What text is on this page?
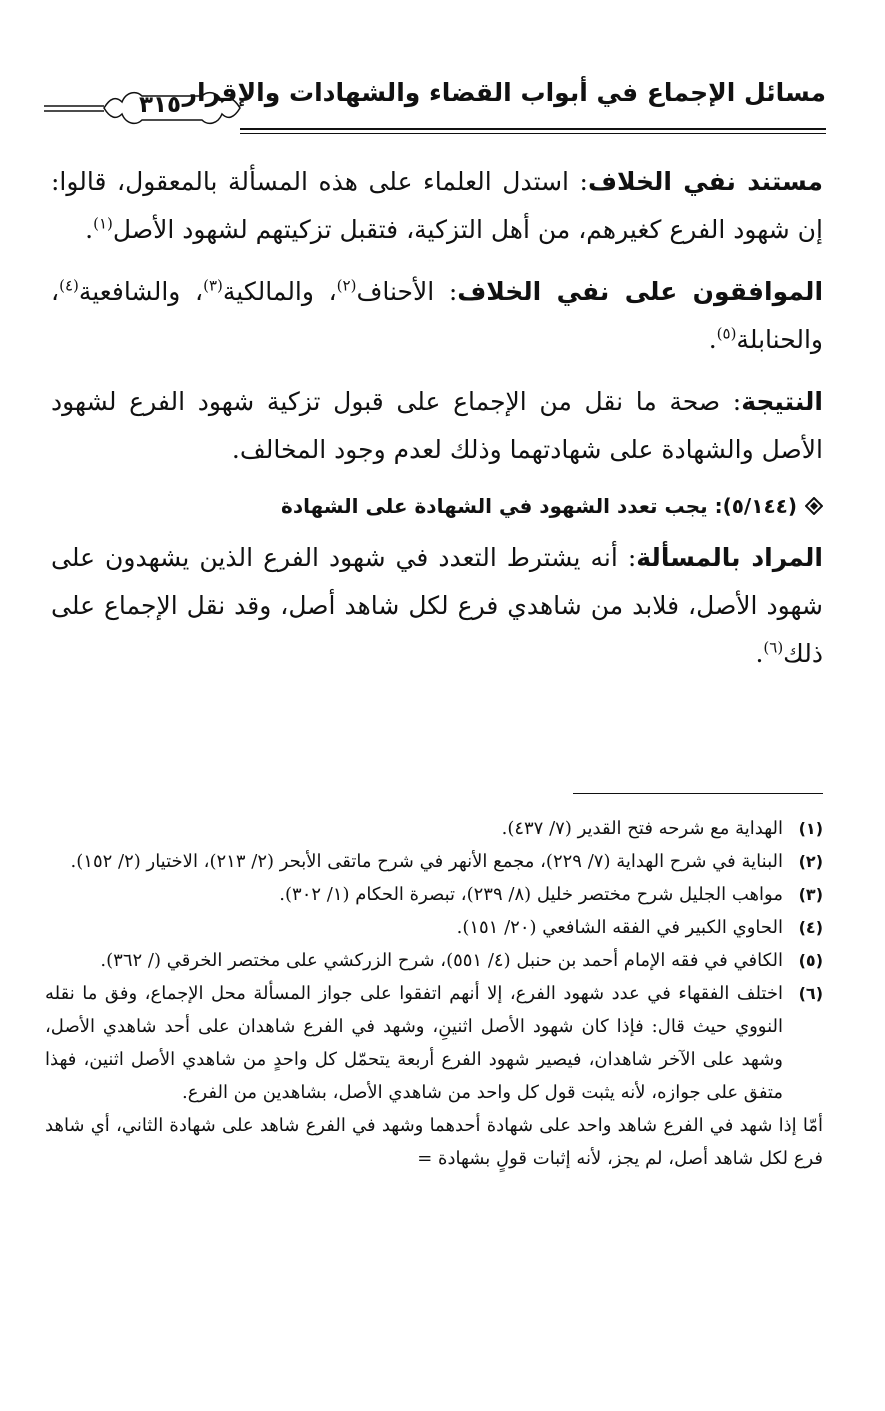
مسائل الإجماع في أبواب القضاء والشهادات والإقرار
٣١٥

مستند نفي الخلاف: استدل العلماء على هذه المسألة بالمعقول، قالوا: إن شهود الفرع كغيرهم، من أهل التزكية، فتقبل تزكيتهم لشهود الأصل$^{(١)}$.

الموافقون على نفي الخلاف: الأحناف$^{(٢)}$، والمالكية$^{(٣)}$، والشافعية$^{(٤)}$، والحنابلة$^{(٥)}$.

النتيجة: صحة ما نقل من الإجماع على قبول تزكية شهود الفرع لشهود الأصل والشهادة على شهادتهما وذلك لعدم وجود المخالف.

(٥/١٤٤): يجب تعدد الشهود في الشهادة على الشهادة

المراد بالمسألة: أنه يشترط التعدد في شهود الفرع الذين يشهدون على شهود الأصل، فلابد من شاهدي فرع لكل شاهد أصل، وقد نقل الإجماع على ذلك$^{(٦)}$.

(١)
الهداية مع شرحه فتح القدير (٧/ ٤٣٧).
(٢)
البناية في شرح الهداية (٧/ ٢٢٩)، مجمع الأنهر في شرح ماتقى الأبحر (٢/ ٢١٣)، الاختيار (٢/ ١٥٢).
(٣)
مواهب الجليل شرح مختصر خليل (٨/ ٢٣٩)، تبصرة الحكام (١/ ٣٠٢).
(٤)
الحاوي الكبير في الفقه الشافعي (٢٠/ ١٥١).
(٥)
الكافي في فقه الإمام أحمد بن حنبل (٤/ ٥٥١)، شرح الزركشي على مختصر الخرقي (/ ٣٦٢).
(٦)
اختلف الفقهاء في عدد شهود الفرع، إلا أنهم اتفقوا على جواز المسألة محل الإجماع، وفق ما نقله النووي حيث قال: فإذا كان شهود الأصل اثنينِ، وشهد في الفرع شاهدان على أحد شاهدي الأصل، وشهد على الآخر شاهدان، فيصير شهود الفرع أربعة يتحمّل كل واحدٍ من شاهدي الأصل اثنين، فهذا متفق على جوازه، لأنه يثبت قول كل واحد من شاهدي الأصل، بشاهدين من الفرع.

أمّا إذا شهد في الفرع شاهد واحد على شهادة أحدهما وشهد في الفرع شاهد على شهادة الثاني، أي شاهد فرع لكل شاهد أصل، لم يجز، لأنه إثبات قولٍ بشهادة =
